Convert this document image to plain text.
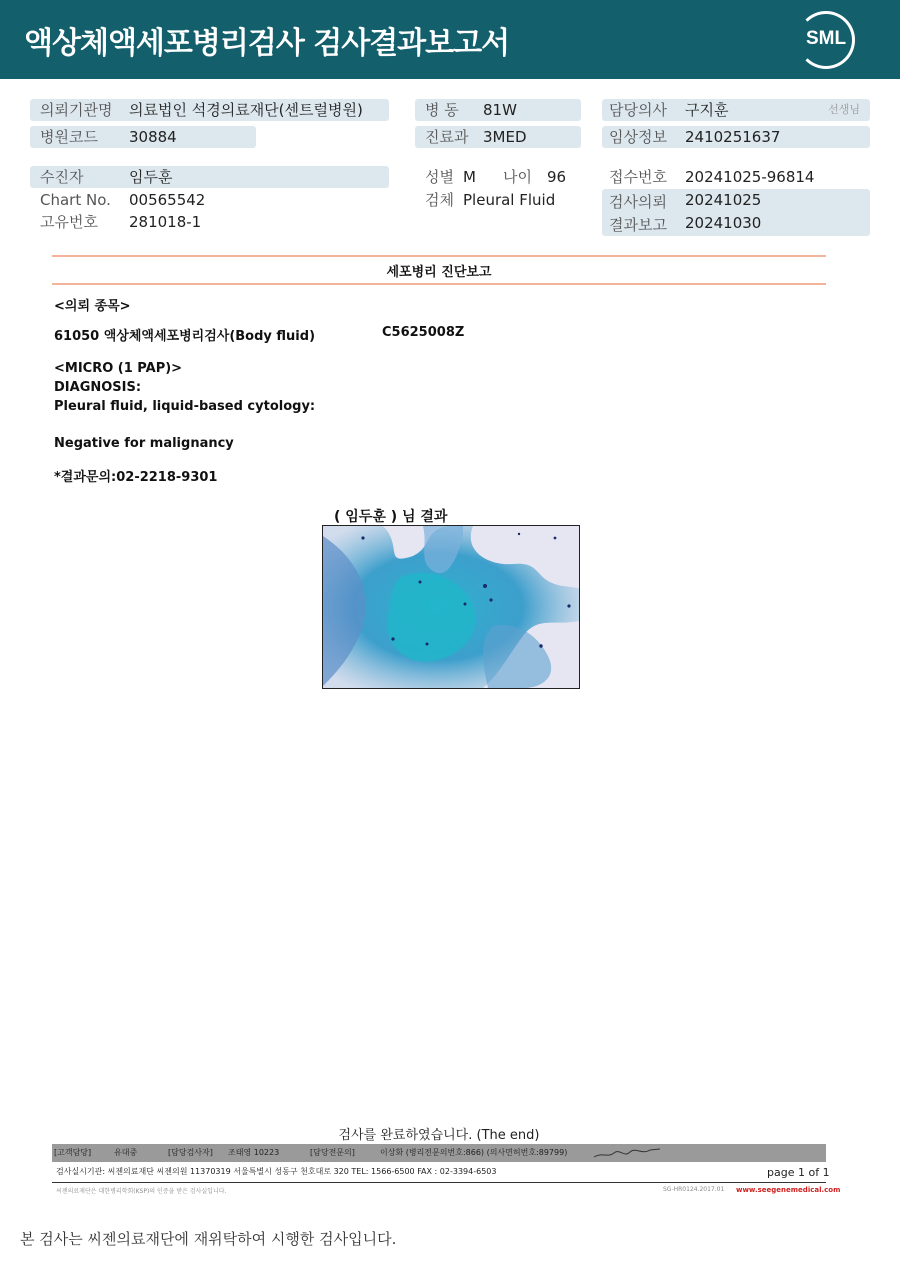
액상체액세포병리검사 검사결과보고서	SML
의뢰기관명 의료법인 석경의료재단(센트럴병원)
병원코드 30884
수진자	임두훈
Chart No. 00565542
고유번호 281018-1
병 동 81W
진료과 3MED
성별 M 나이 96
검체 Pleural Fluid
담당의사 구지훈	선생님
임상정보 2410251637
접수번호 20241025-96814
검사의뢰 20241025
결과보고 20241030
세포병리 진단보고
<의뢰 종목>
61050 액상체액세포병리검사(Body fluid)	C5625008Z
<MICRO (1 PAP)>
DIAGNOSIS:
Pleural fluid, liquid-based cytology:
Negative for malignancy
*결과문의:02-2218-9301
( 임두훈 ) 님 결과
검사를 완료하였습니다. (The end)
[고객담당]	유대중	[담당검사자] 조태영 10223	[담당전문의]	이상화 (병리전문의번호:866) (의사면허번호:89799)
검사실시기관: 씨젠의료재단 씨젠의원 11370319 서울특별시 성동구 천호대로 320 TEL: 1566-6500 FAX : 02-3394-6503	page 1 of 1
씨젠의료재단은 대한병리학회(KSP)의 인증을 받은 검사실입니다.	SG-HR0124.2017.01 www.seegenemedical.com
본 검사는 씨젠의료재단에 재위탁하여 시행한 검사입니다.
